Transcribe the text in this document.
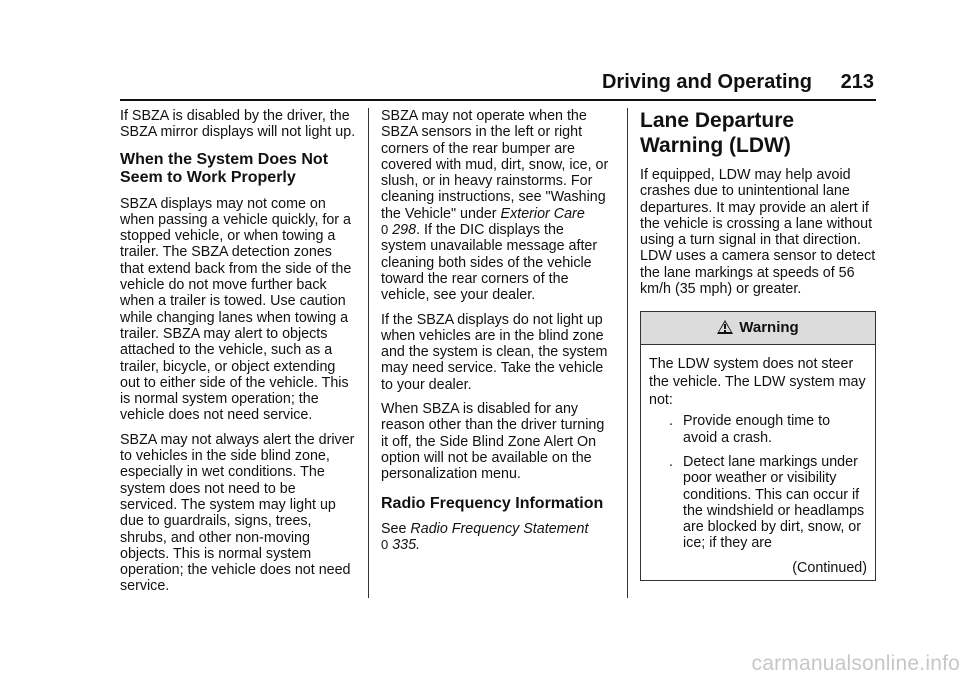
Driving and Operating 213

If SBZA is disabled by the driver, the SBZA mirror displays will not light up.

When the System Does Not Seem to Work Properly

SBZA displays may not come on when passing a vehicle quickly, for a stopped vehicle, or when towing a trailer. The SBZA detection zones that extend back from the side of the vehicle do not move further back when a trailer is towed. Use caution while changing lanes when towing a trailer. SBZA may alert to objects attached to the vehicle, such as a trailer, bicycle, or object extending out to either side of the vehicle. This is normal system operation; the vehicle does not need service.

SBZA may not always alert the driver to vehicles in the side blind zone, especially in wet conditions. The system does not need to be serviced. The system may light up due to guardrails, signs, trees, shrubs, and other non-moving objects. This is normal system operation; the vehicle does not need service.

SBZA may not operate when the SBZA sensors in the left or right corners of the rear bumper are covered with mud, dirt, snow, ice, or slush, or in heavy rainstorms. For cleaning instructions, see "Washing the Vehicle" under Exterior Care
0 298. If the DIC displays the system unavailable message after cleaning both sides of the vehicle toward the rear corners of the vehicle, see your dealer.

If the SBZA displays do not light up when vehicles are in the blind zone and the system is clean, the system may need service. Take the vehicle to your dealer.

When SBZA is disabled for any reason other than the driver turning it off, the Side Blind Zone Alert On option will not be available on the personalization menu.

Radio Frequency Information

See Radio Frequency Statement
0 335.

Lane Departure Warning (LDW)

If equipped, LDW may help avoid crashes due to unintentional lane departures. It may provide an alert if the vehicle is crossing a lane without using a turn signal in that direction. LDW uses a camera sensor to detect the lane markings at speeds of 56 km/h (35 mph) or greater.

Warning

The LDW system does not steer the vehicle. The LDW system may not:

. Provide enough time to avoid a crash.
. Detect lane markings under poor weather or visibility conditions. This can occur if the windshield or headlamps are blocked by dirt, snow, or ice; if they are
(Continued)
carmanualsonline.info
